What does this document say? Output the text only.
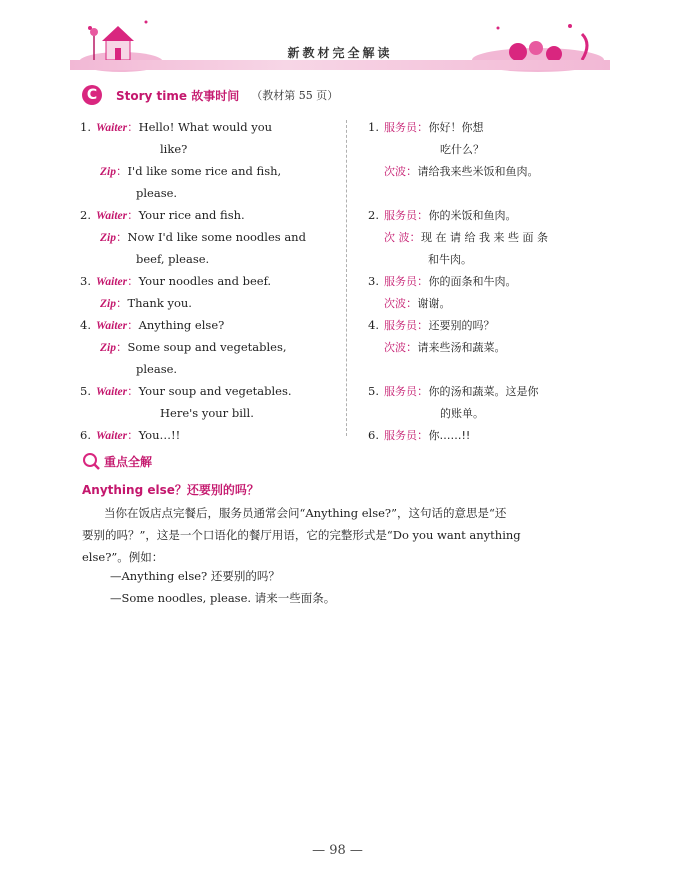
新教材完全解读
C	Story time 故事时间 （教材第 55 页）
1. Waiter：Hello! What would you
like?
Zip：I'd like some rice and fish,
please.
2. Waiter：Your rice and fish.
Zip：Now I'd like some noodles and
beef, please.
3. Waiter：Your noodles and beef.
Zip：Thank you.
4. Waiter：Anything else?
Zip：Some soup and vegetables,
please.
5. Waiter：Your soup and vegetables.
Here's your bill.
6. Waiter：You…!!
1. 服务员：你好！你想
吃什么？
次波：请给我来些米饭和鱼肉。
2. 服务员：你的米饭和鱼肉。
次 波：现 在 请 给 我 来 些 面 条
和牛肉。
3. 服务员：你的面条和牛肉。
次波：谢谢。
4. 服务员：还要别的吗？
次波：请来些汤和蔬菜。
5. 服务员：你的汤和蔬菜。这是你
的账单。
6. 服务员：你……!!
重点全解
Anything else？还要别的吗？
当你在饭店点完餐后，服务员通常会问“Anything else?”，这句话的意思是“还
要别的吗？”，这是一个口语化的餐厅用语，它的完整形式是“Do you want anything
else?”。例如：
—Anything else? 还要别的吗？
—Some noodles, please. 请来一些面条。
— 98 —
